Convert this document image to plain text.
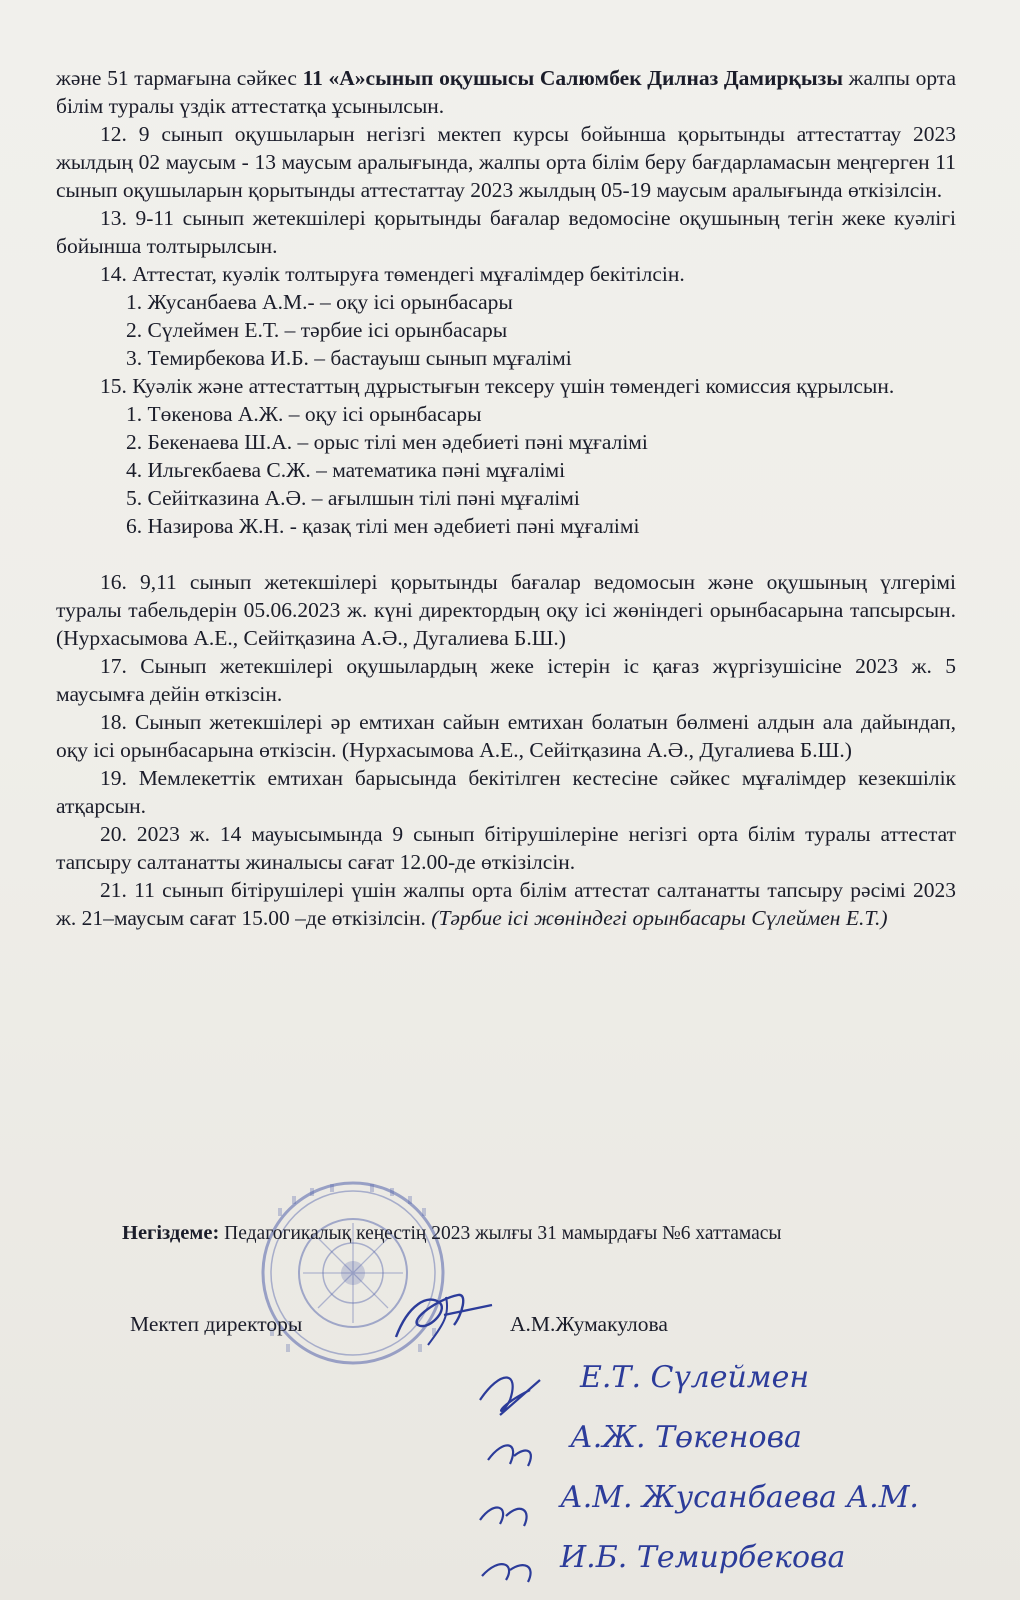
және 51 тармағына сәйкес 11 «А»сынып оқушысы Салюмбек Дилназ Дамирқызы жалпы орта білім туралы үздік аттестатқа ұсынылсын.

12. 9 сынып оқушыларын негізгі мектеп курсы бойынша қорытынды аттестаттау 2023 жылдың 02 маусым - 13 маусым аралығында, жалпы орта білім беру бағдарламасын меңгерген 11 сынып оқушыларын қорытынды аттестаттау 2023 жылдың 05-19 маусым аралығында өткізілсін.

13. 9-11 сынып жетекшілері қорытынды бағалар ведомосіне оқушының тегін жеке куәлігі бойынша толтырылсын.

14. Аттестат, куәлік толтыруға төмендегі мұғалімдер бекітілсін.

1. Жусанбаева А.М.- – оқу ісі орынбасары
2. Сүлеймен Е.Т. – тәрбие ісі орынбасары
3. Темирбекова И.Б. – бастауыш сынып мұғалімі

15. Куәлік және аттестаттың дұрыстығын тексеру үшін төмендегі комиссия құрылсын.

1. Төкенова А.Ж. – оқу ісі орынбасары
2. Бекенаева Ш.А. – орыс тілі мен әдебиеті пәні мұғалімі
4. Ильгекбаева С.Ж. – математика пәні мұғалімі
5. Сейітказина А.Ә. – ағылшын тілі пәні мұғалімі
6. Назирова Ж.Н. - қазақ тілі мен әдебиеті пәні мұғалімі

16. 9,11 сынып жетекшілері қорытынды бағалар ведомосын және оқушының үлгерімі туралы табельдерін 05.06.2023 ж. күні директордың оқу ісі жөніндегі орынбасарына тапсырсын. (Нурхасымова А.Е., Сейітқазина А.Ә., Дугалиева Б.Ш.)

17. Сынып жетекшілері оқушылардың жеке істерін іс қағаз жүргізушісіне 2023 ж. 5 маусымға дейін өткізсін.

18. Сынып жетекшілері әр емтихан сайын емтихан болатын бөлмені алдын ала дайындап, оқу ісі орынбасарына өткізсін. (Нурхасымова А.Е., Сейітқазина А.Ә., Дугалиева Б.Ш.)

19. Мемлекеттік емтихан барысында бекітілген кестесіне сәйкес мұғалімдер кезекшілік атқарсын.

20. 2023 ж. 14 мауысымында 9 сынып бітірушілеріне негізгі орта білім туралы аттестат тапсыру салтанатты жиналысы сағат 12.00-де өткізілсін.

21. 11 сынып бітірушілері үшін жалпы орта білім аттестат салтанатты тапсыру рәсімі 2023 ж. 21–маусым сағат 15.00 –де өткізілсін. (Тәрбие ісі жөніндегі орынбасары Сүлеймен Е.Т.)

Негіздеме: Педагогикалық кеңестің 2023 жылғы 31 мамырдағы №6 хаттамасы
Мектеп директоры	А.М.Жумакулова
Е.Т. Сүлеймен
А.Ж. Төкенова
А.М. Жусанбаева А.М.
И.Б. Темирбекова
